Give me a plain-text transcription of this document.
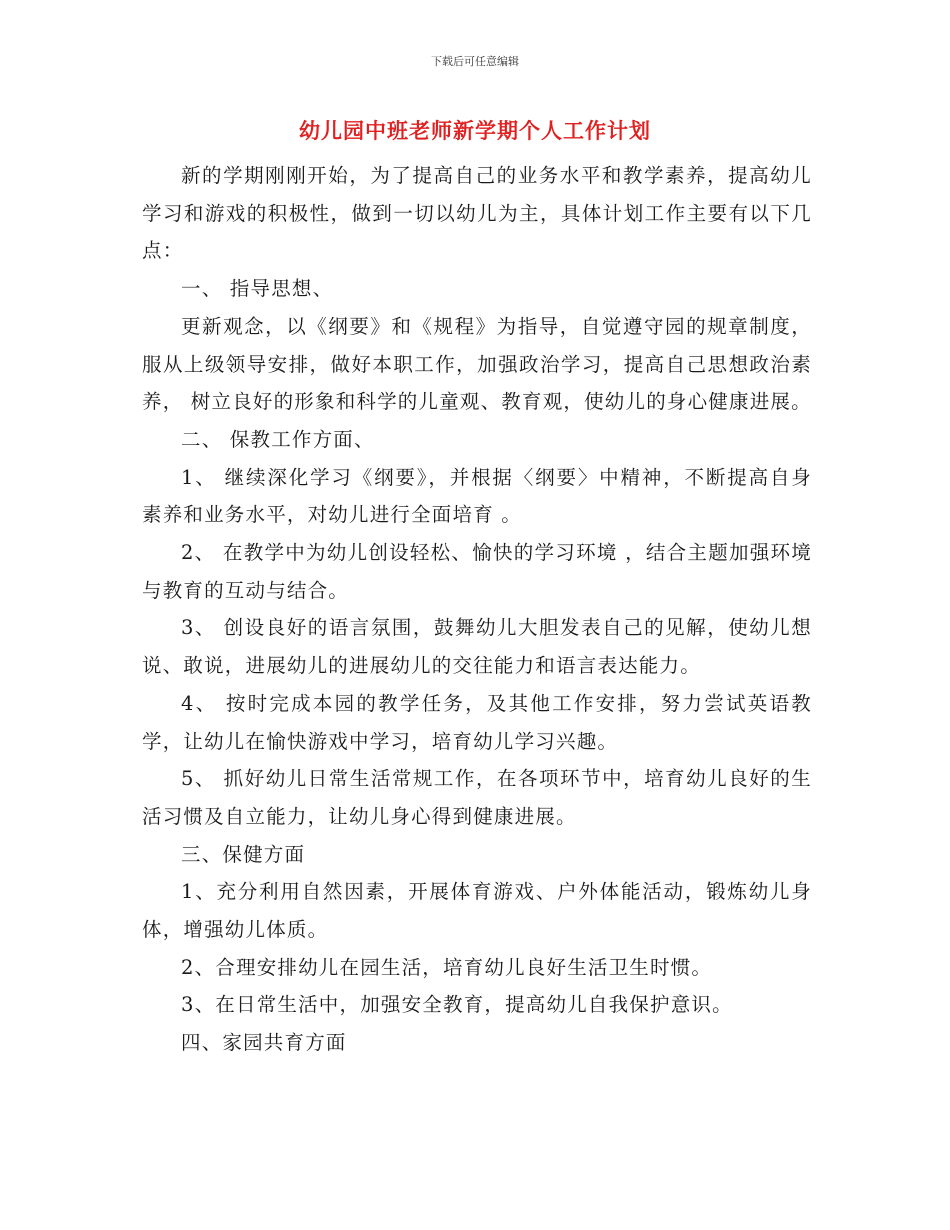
下载后可任意编辑
幼儿园中班老师新学期个人工作计划

新的学期刚刚开始，为了提高自己的业务水平和教学素养，提高幼儿学习和游戏的积极性，做到一切以幼儿为主，具体计划工作主要有以下几点：

一、 指导思想、

更新观念，以《纲要》和《规程》为指导，自觉遵守园的规章制度，服从上级领导安排，做好本职工作，加强政治学习，提高自己思想政治素养， 树立良好的形象和科学的儿童观、教育观，使幼儿的身心健康进展。

二、 保教工作方面、

1、 继续深化学习《纲要》，并根据〈纲要〉中精神，不断提高自身素养和业务水平，对幼儿进行全面培育 。

2、 在教学中为幼儿创设轻松、愉快的学习环境 ，结合主题加强环境与教育的互动与结合。

3、 创设良好的语言氛围，鼓舞幼儿大胆发表自己的见解，使幼儿想说、敢说，进展幼儿的进展幼儿的交往能力和语言表达能力。

4、 按时完成本园的教学任务，及其他工作安排，努力尝试英语教学，让幼儿在愉快游戏中学习，培育幼儿学习兴趣。

5、 抓好幼儿日常生活常规工作，在各项环节中，培育幼儿良好的生活习惯及自立能力，让幼儿身心得到健康进展。

三、保健方面

1、充分利用自然因素，开展体育游戏、户外体能活动，锻炼幼儿身体，增强幼儿体质。

2、合理安排幼儿在园生活，培育幼儿良好生活卫生时惯。

3、在日常生活中，加强安全教育，提高幼儿自我保护意识。

四、家园共育方面
